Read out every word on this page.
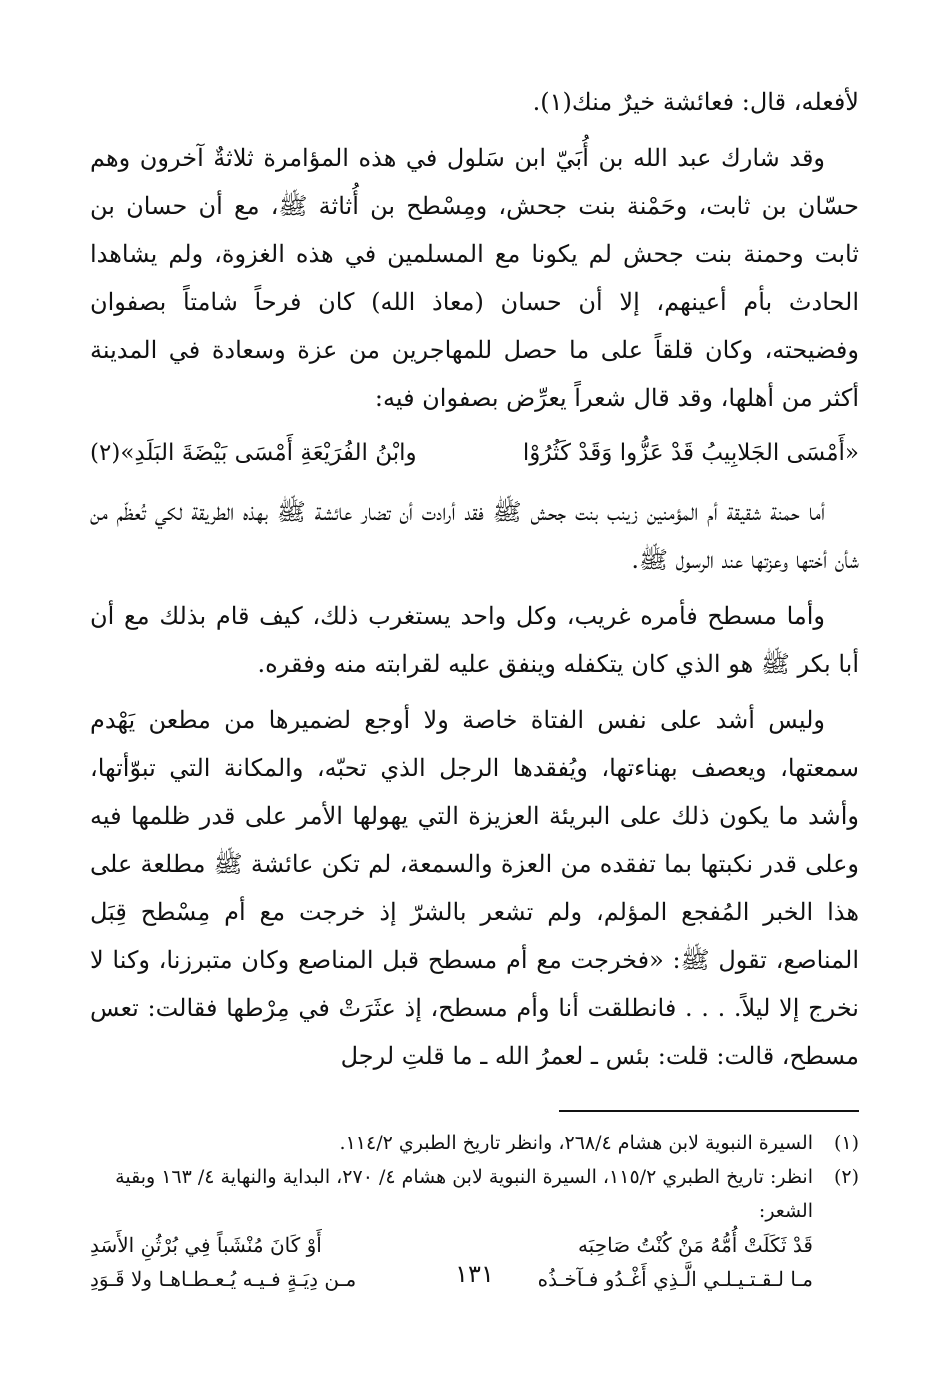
لأفعله، قال: فعائشة خيرٌ منك(١).

وقد شارك عبد الله بن أُبَيّ ابن سَلول في هذه المؤامرة ثلاثةٌ آخرون وهم حسّان بن ثابت، وحَمْنة بنت جحش، ومِسْطح بن أُثاثة ﷺ، مع أن حسان بن ثابت وحمنة بنت جحش لم يكونا مع المسلمين في هذه الغزوة، ولم يشاهدا الحادث بأم أعينهم، إلا أن حسان (معاذ الله) كان فرحاً شامتاً بصفوان وفضيحته، وكان قلقاً على ما حصل للمهاجرين من عزة وسعادة في المدينة أكثر من أهلها، وقد قال شعراً يعرِّض بصفوان فيه:

«أَمْسَى الجَلابِيبُ قَدْ عَزُّوا وَقَدْ كَثُرُوْا
وابْنُ الفُرَيْعَةِ أَمْسَى بَيْضَةَ البَلَدِ»(٢)

أما حمنة شقيقة أم المؤمنين زينب بنت جحش ﷺ فقد أرادت أن تضار عائشة ﷺ بهذه الطريقة لكي تُعظّم من شأن أختها وعزتها عند الرسول ﷺ.

وأما مسطح فأمره غريب، وكل واحد يستغرب ذلك، كيف قام بذلك مع أن أبا بكر ﷺ هو الذي كان يتكفله وينفق عليه لقرابته منه وفقره.

وليس أشد على نفس الفتاة خاصة ولا أوجع لضميرها من مطعن يَهْدم سمعتها، ويعصف بهناءتها، ويُفقدها الرجل الذي تحبّه، والمكانة التي تبوّأتها، وأشد ما يكون ذلك على البريئة العزيزة التي يهولها الأمر على قدر ظلمها فيه وعلى قدر نكبتها بما تفقده من العزة والسمعة، لم تكن عائشة ﷺ مطلعة على هذا الخبر المُفجع المؤلم، ولم تشعر بالشرّ إذ خرجت مع أم مِسْطح قِبَل المناصع، تقول ﷺ: «فخرجت مع أم مسطح قبل المناصع وكان متبرزنا، وكنا لا نخرج إلا ليلاً. . . . فانطلقت أنا وأم مسطح، إذ عثَرَتْ في مِرْطها فقالت: تعس مسطح، قالت: قلت: بئس ـ لعمرُ الله ـ ما قلتِ لرجل

(١)
السيرة النبوية لابن هشام ٢٦٨/٤، وانظر تاريخ الطبري ١١٤/٢.
(٢)
انظر: تاريخ الطبري ١١٥/٢، السيرة النبوية لابن هشام ٤/ ٢٧٠، البداية والنهاية ٤/ ١٦٣ وبقية الشعر:
قَدْ ثَكَلَتْ أُمُّهُ مَنْ كُنْتُ صَاحِبَه
أَوْ كَانَ مُنْشَباً فِي بُرْثُنِ الأَسَدِ
مـا لـقـتـيـلـي الَّـذِي أَغْـدُو فـآخـذُه
مـن دِيَـةٍ فـيـه يُـعـطـاهـا ولا قَـوَدِ	١٣١
